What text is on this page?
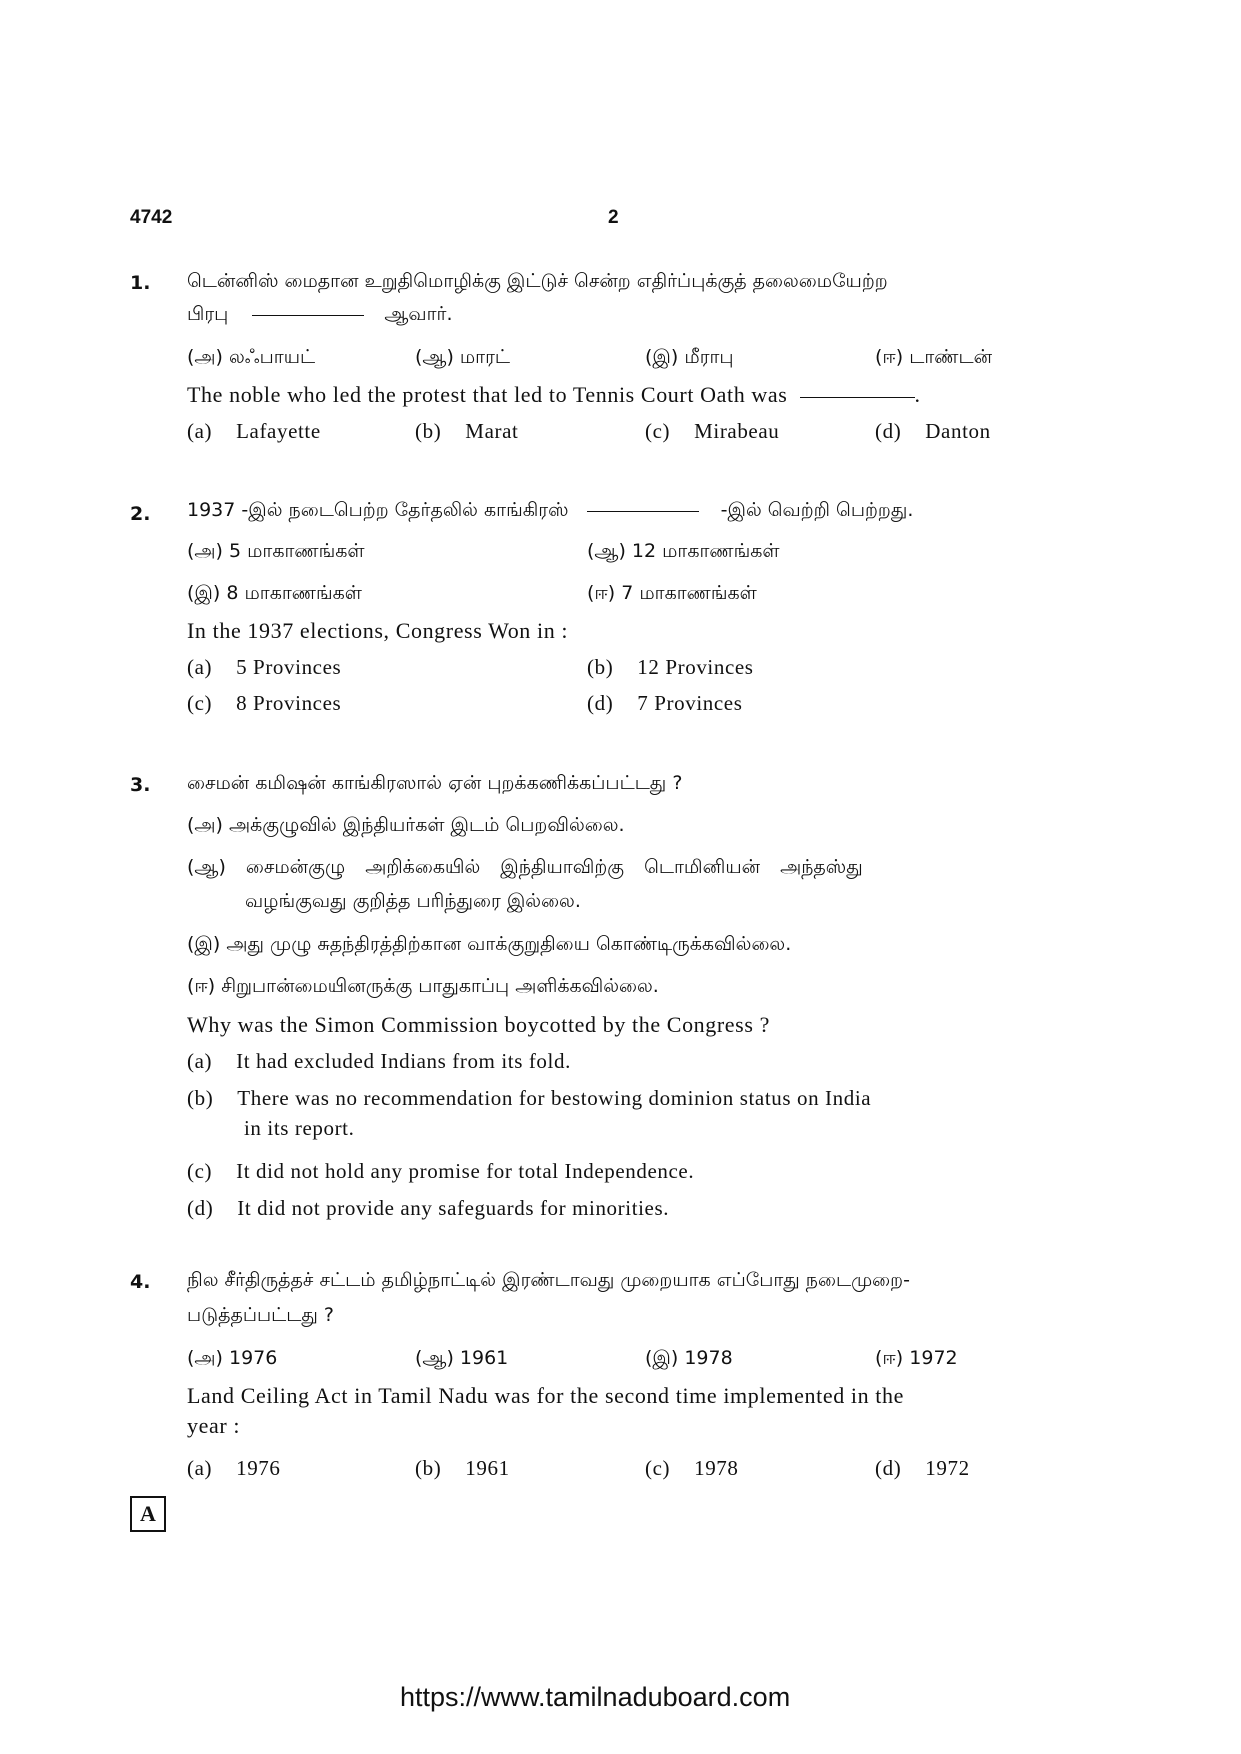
4742	2
1. டென்னிஸ் மைதான உறுதிமொழிக்கு இட்டுச் சென்ற எதிர்ப்புக்குத் தலைமையேற்ற
பிரபு	ஆவார்.
(அ) லஃபாயட்	(ஆ) மாரட்	(இ) மீராபு	(ஈ) டாண்டன்
The noble who led the protest that led to Tennis Court Oath was	.
(a) Lafayette	(b) Marat	(c) Mirabeau	(d) Danton
2. 1937 -இல் நடைபெற்ற தேர்தலில் காங்கிரஸ்	-இல் வெற்றி பெற்றது.
(அ) 5 மாகாணங்கள்	(ஆ) 12 மாகாணங்கள்
(இ) 8 மாகாணங்கள்	(ஈ) 7 மாகாணங்கள்
In the 1937 elections, Congress Won in :
(a) 5 Provinces	(b) 12 Provinces
(c) 8 Provinces	(d) 7 Provinces
3. சைமன் கமிஷன் காங்கிரஸால் ஏன் புறக்கணிக்கப்பட்டது ?
(அ) அக்குழுவில் இந்தியர்கள் இடம் பெறவில்லை.
(ஆ) சைமன்குழு அறிக்கையில் இந்தியாவிற்கு டொமினியன் அந்தஸ்து
வழங்குவது குறித்த பரிந்துரை இல்லை.
(இ) அது முழு சுதந்திரத்திற்கான வாக்குறுதியை கொண்டிருக்கவில்லை.
(ஈ) சிறுபான்மையினருக்கு பாதுகாப்பு அளிக்கவில்லை.
Why was the Simon Commission boycotted by the Congress ?
(a) It had excluded Indians from its fold.
(b) There was no recommendation for bestowing dominion status on India
in its report.
(c) It did not hold any promise for total Independence.
(d) It did not provide any safeguards for minorities.
4. நில சீர்திருத்தச் சட்டம் தமிழ்நாட்டில் இரண்டாவது முறையாக எப்போது நடைமுறை-
படுத்தப்பட்டது ?
(அ) 1976	(ஆ) 1961	(இ) 1978	(ஈ) 1972
Land Ceiling Act in Tamil Nadu was for the second time implemented in the
year :
(a) 1976	(b) 1961	(c) 1978	(d) 1972
A
https://www.tamilnaduboard.com
